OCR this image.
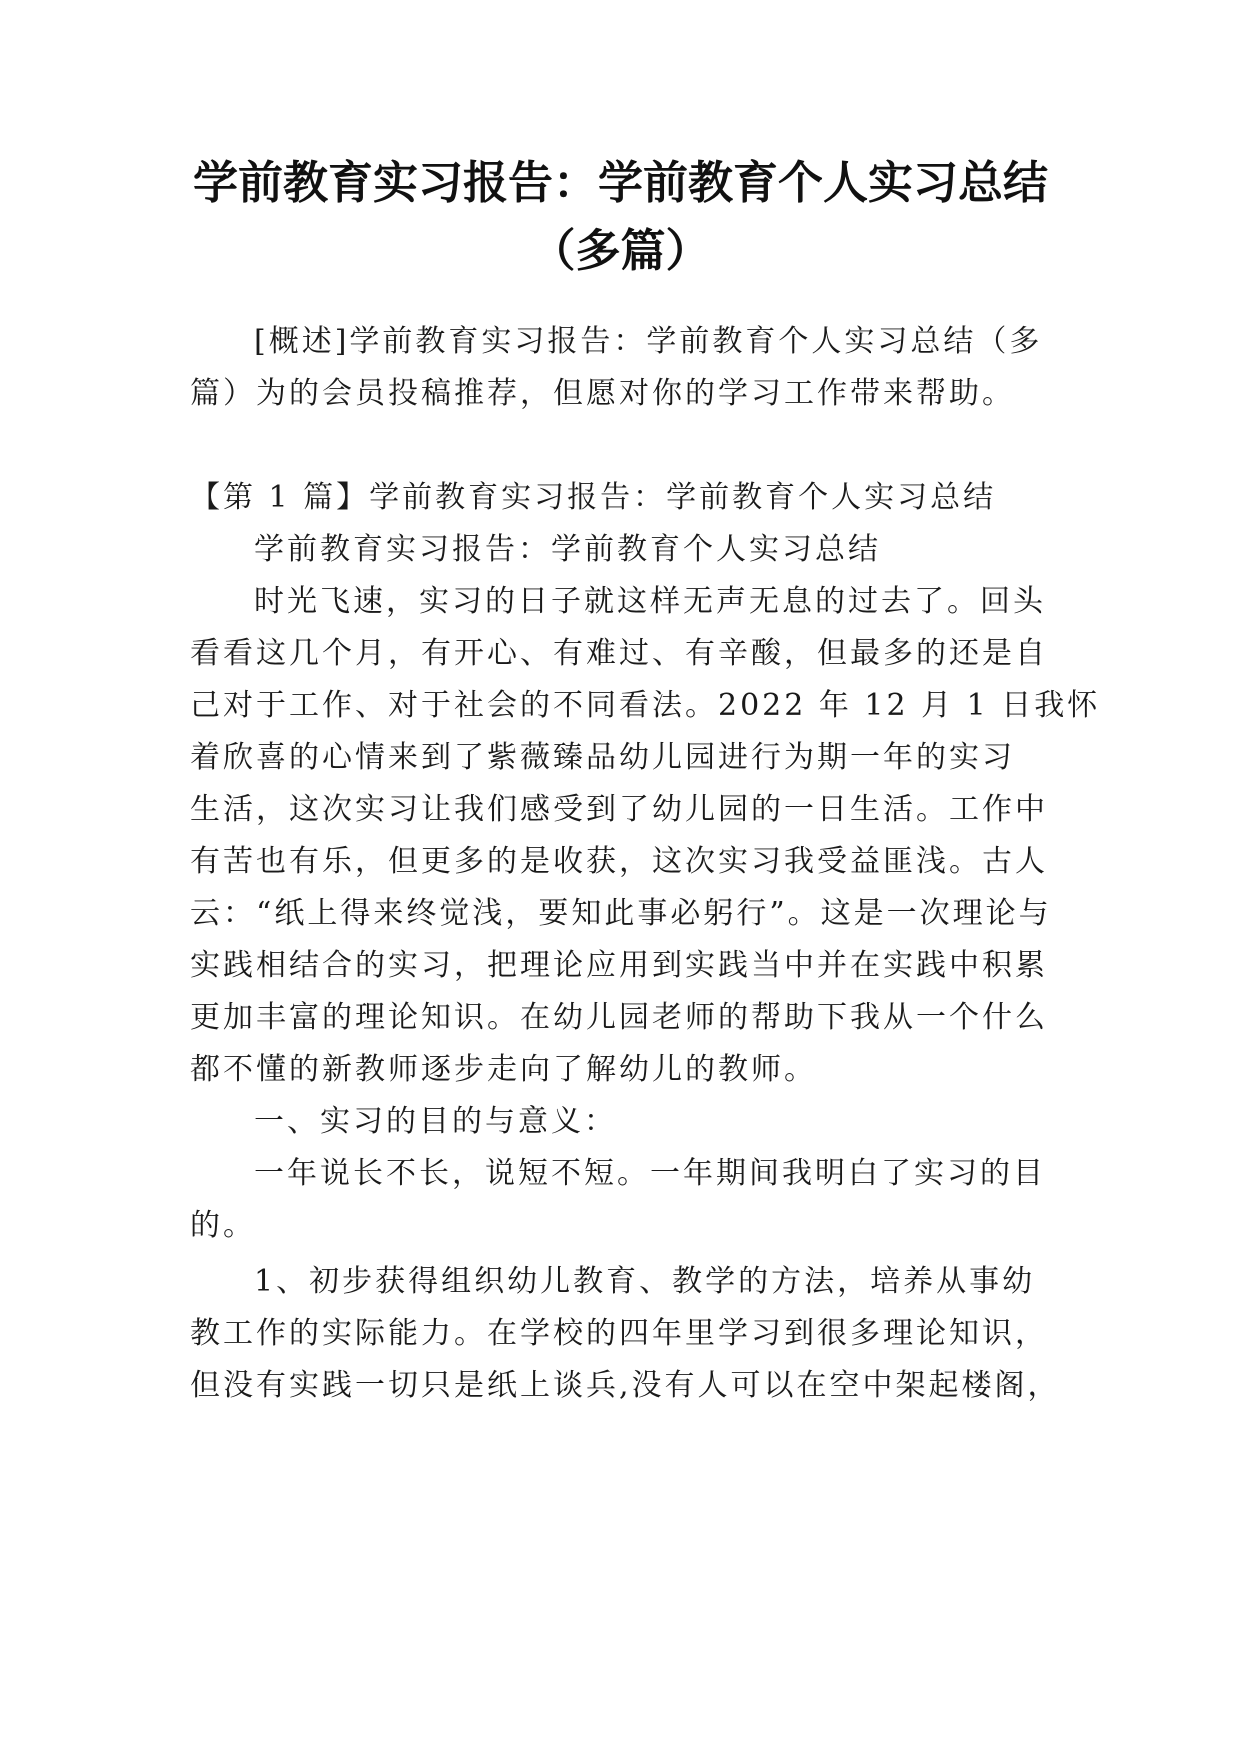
学前教育实习报告：学前教育个人实习总结
（多篇）

[概述]学前教育实习报告：学前教育个人实习总结（多

篇）为的会员投稿推荐，但愿对你的学习工作带来帮助。

【第 1 篇】学前教育实习报告：学前教育个人实习总结

学前教育实习报告：学前教育个人实习总结

时光飞速，实习的日子就这样无声无息的过去了。回头

看看这几个月，有开心、有难过、有辛酸，但最多的还是自

己对于工作、对于社会的不同看法。2022 年 12 月 1 日我怀

着欣喜的心情来到了紫薇臻品幼儿园进行为期一年的实习

生活，这次实习让我们感受到了幼儿园的一日生活。工作中

有苦也有乐，但更多的是收获，这次实习我受益匪浅。古人

云：“纸上得来终觉浅，要知此事必躬行”。这是一次理论与

实践相结合的实习，把理论应用到实践当中并在实践中积累

更加丰富的理论知识。在幼儿园老师的帮助下我从一个什么

都不懂的新教师逐步走向了解幼儿的教师。

一、实习的目的与意义：

一年说长不长，说短不短。一年期间我明白了实习的目

的。

1、初步获得组织幼儿教育、教学的方法，培养从事幼

教工作的实际能力。在学校的四年里学习到很多理论知识，

但没有实践一切只是纸上谈兵,没有人可以在空中架起楼阁，
